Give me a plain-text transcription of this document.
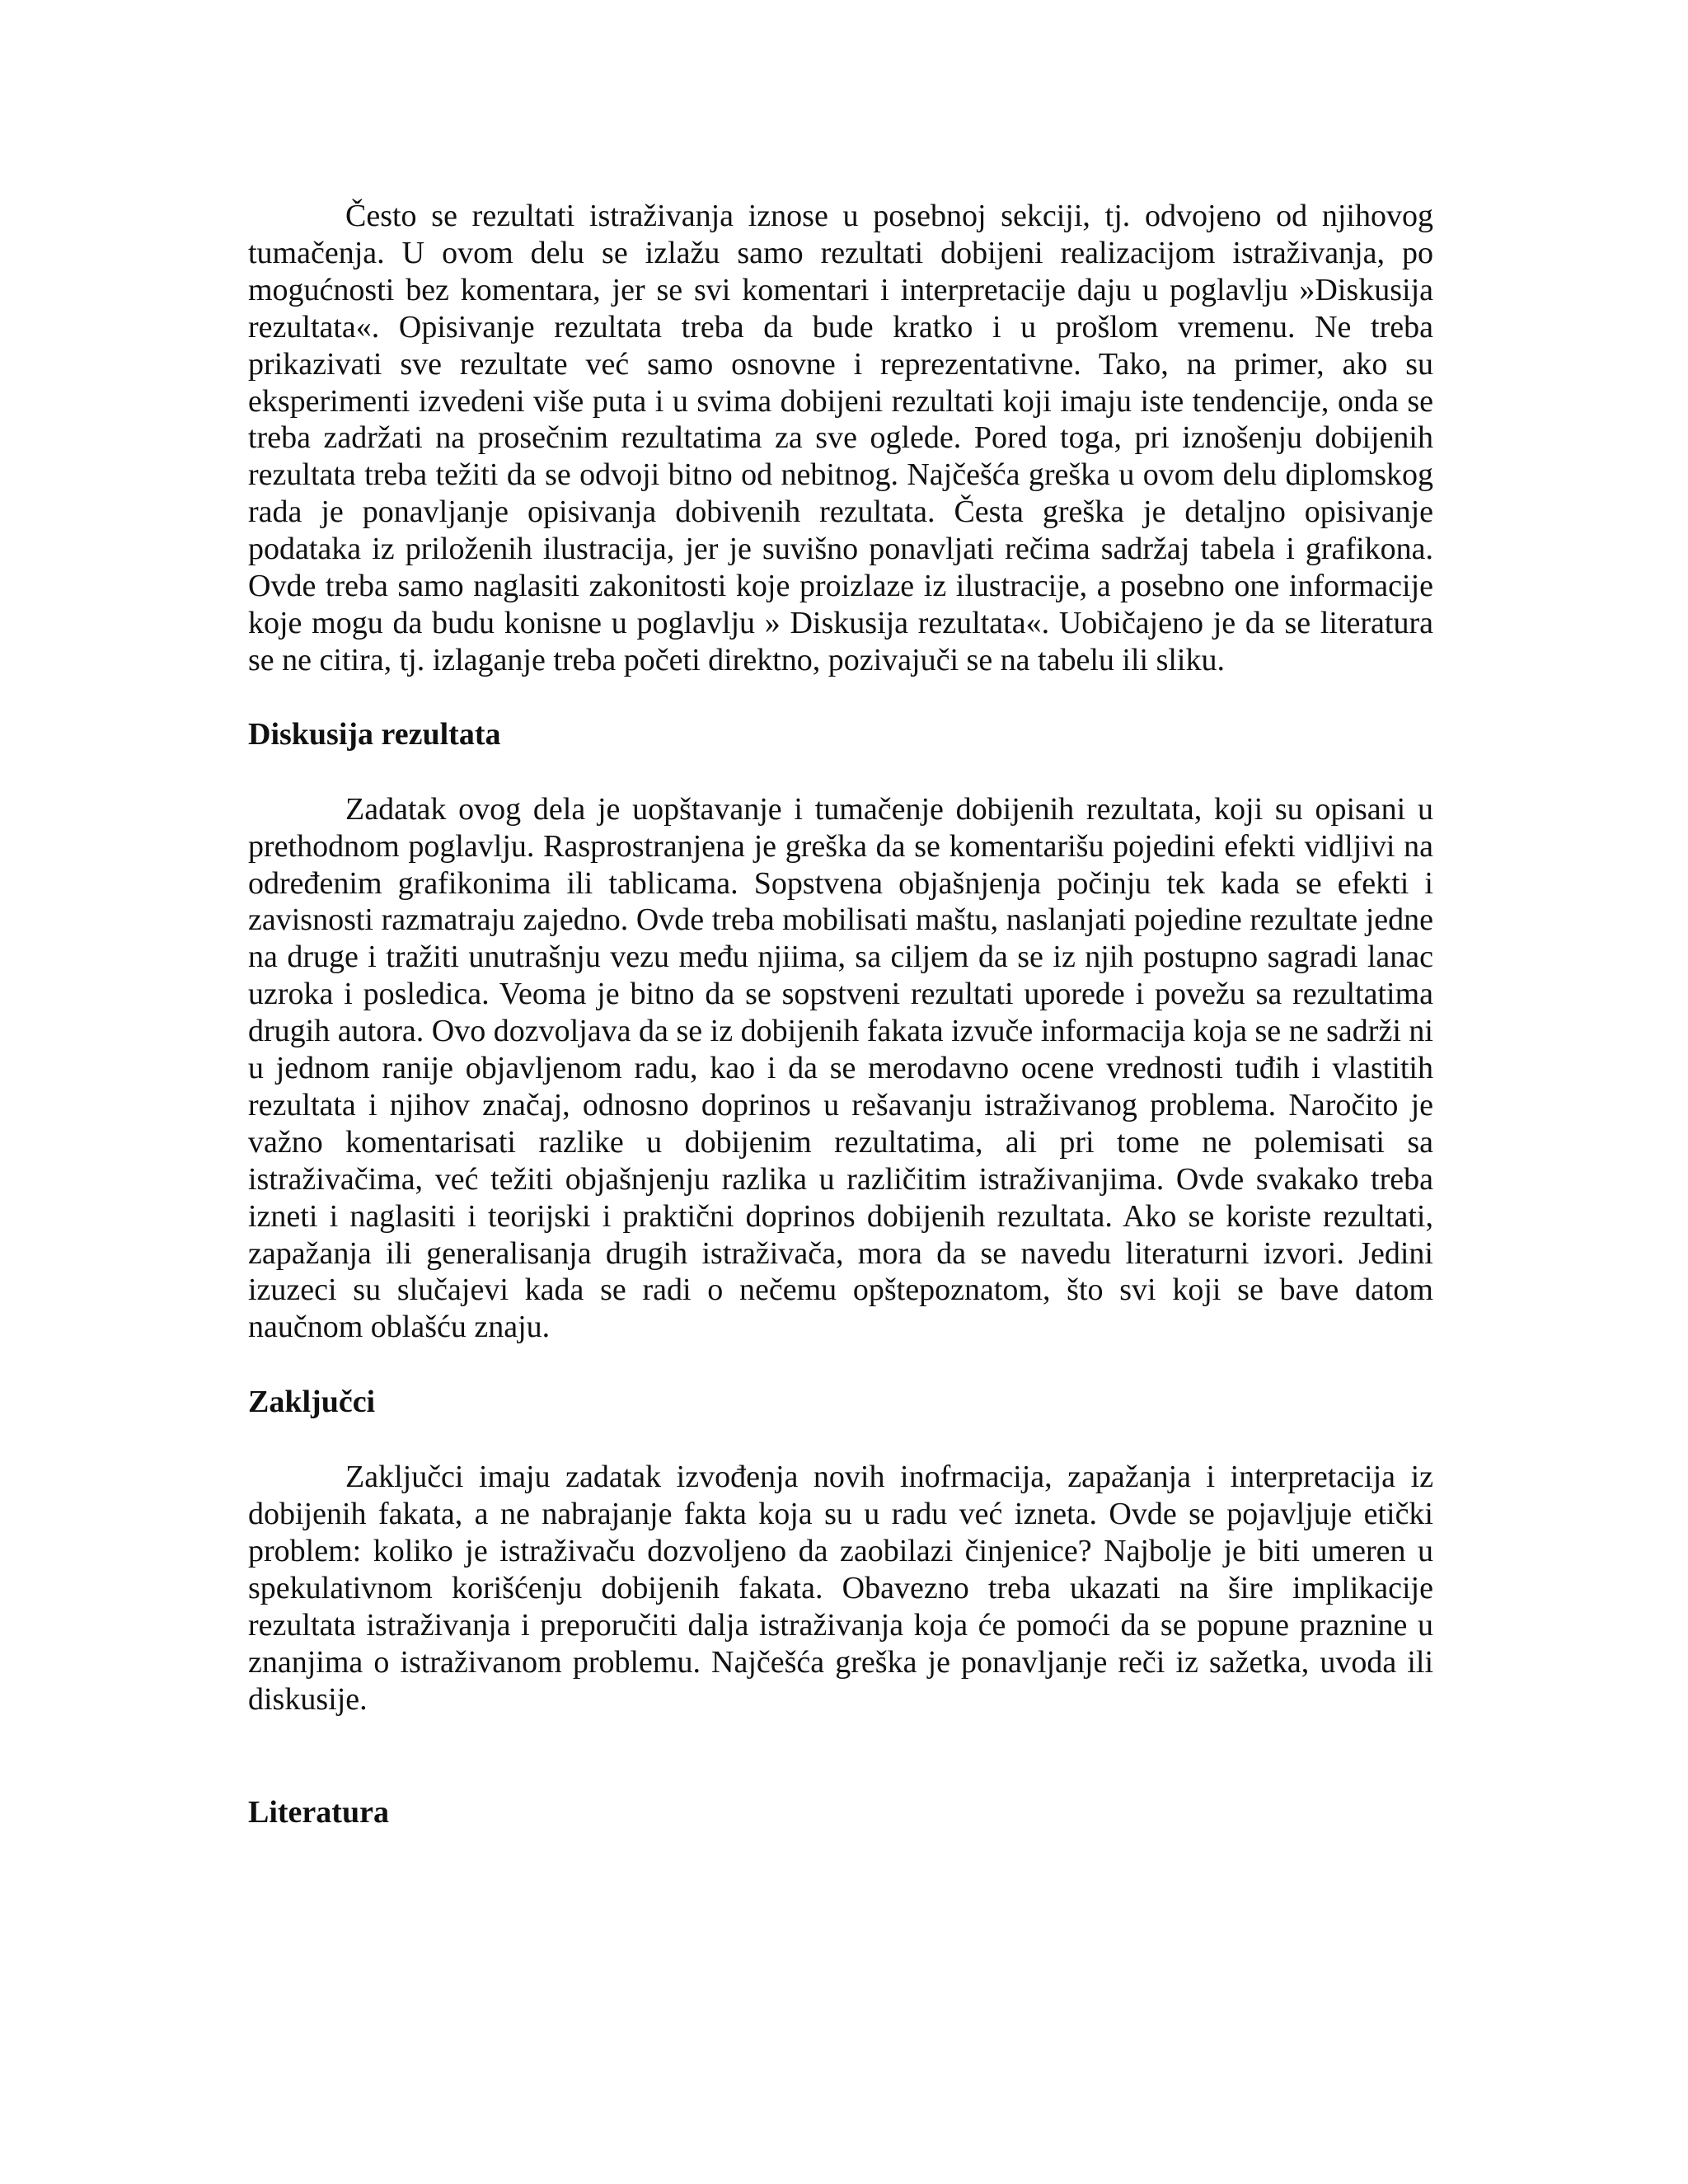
Često se rezultati istraživanja iznose u posebnoj sekciji, tj. odvojeno od njihovog tumačenja. U ovom delu se izlažu samo rezultati dobijeni realizacijom istraživanja, po mogućnosti bez komentara, jer se svi komentari i interpretacije daju u poglavlju »Diskusija rezultata«. Opisivanje rezultata treba da bude kratko i u prošlom vremenu. Ne treba prikazivati sve rezultate već samo osnovne i reprezentativne. Tako, na primer, ako su eksperimenti izvedeni više puta i u svima dobijeni rezultati koji imaju iste tendencije, onda se treba zadržati na prosečnim rezultatima za sve oglede. Pored toga, pri iznošenju dobijenih rezultata treba težiti da se odvoji bitno od nebitnog. Najčešća greška u ovom delu diplomskog rada je ponavljanje opisivanja dobivenih rezultata. Česta greška je detaljno opisivanje podataka iz priloženih ilustracija, jer je suvišno ponavljati rečima sadržaj tabela i grafikona. Ovde treba samo naglasiti zakonitosti koje proizlaze iz ilustracije, a posebno one informacije koje mogu da budu konisne u poglavlju » Diskusija rezultata«. Uobičajeno je da se literatura se ne citira, tj. izlaganje treba početi direktno, pozivajuči se na tabelu ili sliku.

Diskusija rezultata

Zadatak ovog dela je uopštavanje i tumačenje dobijenih rezultata, koji su opisani u prethodnom poglavlju. Rasprostranjena je greška da se komentarišu pojedini efekti vidljivi na određenim grafikonima ili tablicama. Sopstvena objašnjenja počinju tek kada se efekti i zavisnosti razmatraju zajedno. Ovde treba mobilisati maštu, naslanjati pojedine rezultate jedne na druge i tražiti unutrašnju vezu među njiima, sa ciljem da se iz njih postupno sagradi lanac uzroka i posledica. Veoma je bitno da se sopstveni rezultati uporede i povežu sa rezultatima drugih autora. Ovo dozvoljava da se iz dobijenih fakata izvuče informacija koja se ne sadrži ni u jednom ranije objavljenom radu, kao i da se merodavno ocene vrednosti tuđih i vlastitih rezultata i njihov značaj, odnosno doprinos u rešavanju istraživanog problema. Naročito je važno komentarisati razlike u dobijenim rezultatima, ali pri tome ne polemisati sa istraživačima, već težiti objašnjenju razlika u različitim istraživanjima. Ovde svakako treba izneti i naglasiti i teorijski i praktični doprinos dobijenih rezultata. Ako se koriste rezultati, zapažanja ili generalisanja drugih istraživača, mora da se navedu literaturni izvori. Jedini izuzeci su slučajevi kada se radi o nečemu opštepoznatom, što svi koji se bave datom naučnom oblašću znaju.

Zaključci

Zaključci imaju zadatak izvođenja novih inofrmacija, zapažanja i interpretacija iz dobijenih fakata, a ne nabrajanje fakta koja su u radu već izneta. Ovde se pojavljuje etički problem: koliko je istraživaču dozvoljeno da zaobilazi činjenice? Najbolje je biti umeren u spekulativnom korišćenju dobijenih fakata. Obavezno treba ukazati na šire implikacije rezultata istraživanja i preporučiti dalja istraživanja koja će pomoći da se popune praznine u znanjima o istraživanom problemu. Najčešća greška je ponavljanje reči iz sažetka, uvoda ili diskusije.

Literatura
